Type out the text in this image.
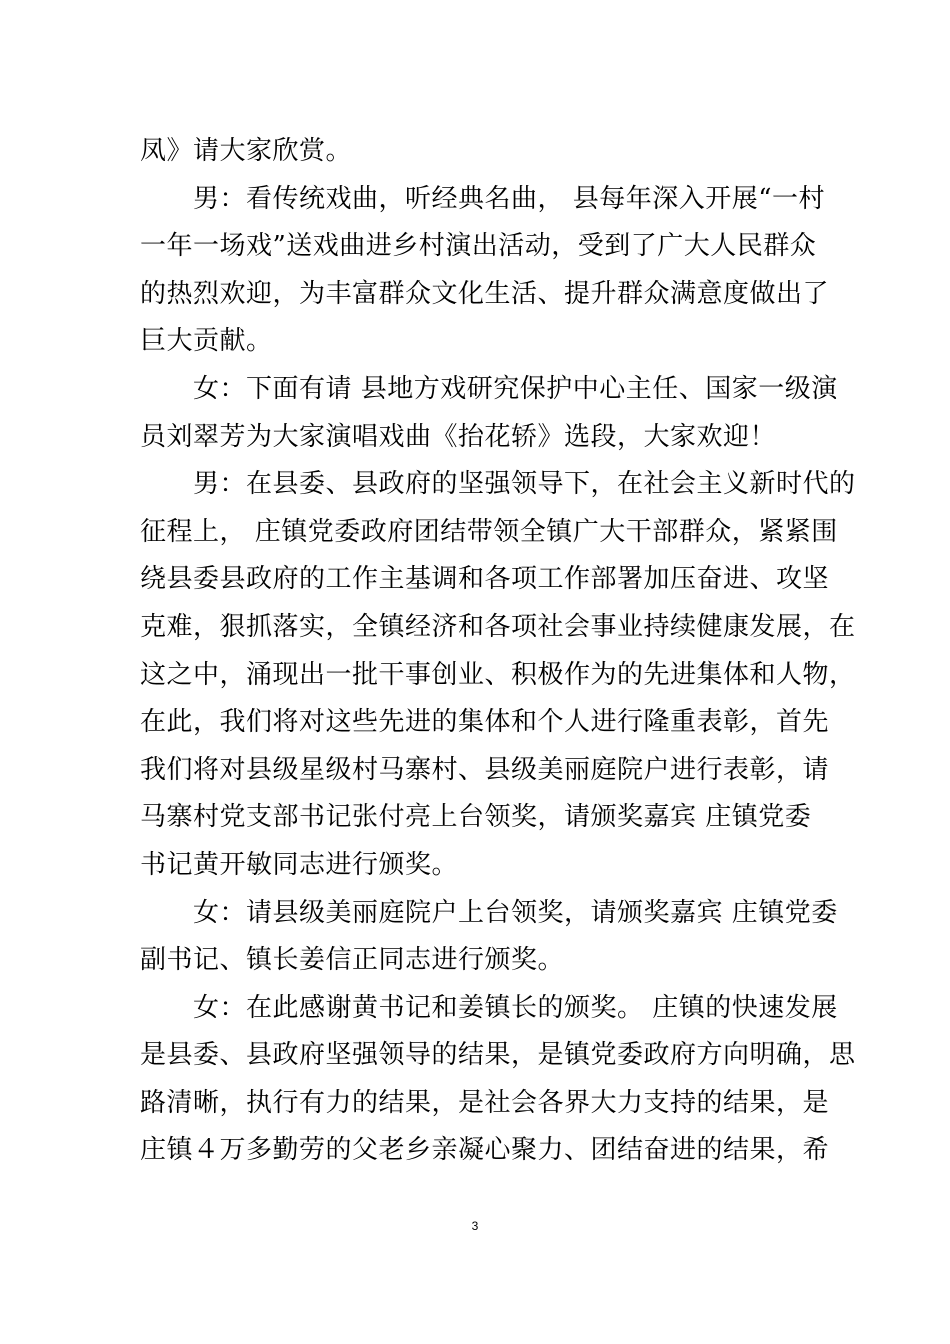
凤》请大家欣赏。
　　男：看传统戏曲，听经典名曲， 县每年深入开展“一村
一年一场戏”送戏曲进乡村演出活动，受到了广大人民群众
的热烈欢迎，为丰富群众文化生活、提升群众满意度做出了
巨大贡献。
　　女：下面有请 县地方戏研究保护中心主任、国家一级演
员刘翠芳为大家演唱戏曲《抬花轿》选段，大家欢迎！
　　男：在县委、县政府的坚强领导下，在社会主义新时代的
征程上， 庄镇党委政府团结带领全镇广大干部群众，紧紧围
绕县委县政府的工作主基调和各项工作部署加压奋进、攻坚
克难，狠抓落实，全镇经济和各项社会事业持续健康发展，在
这之中，涌现出一批干事创业、积极作为的先进集体和人物，
在此，我们将对这些先进的集体和个人进行隆重表彰，首先
我们将对县级星级村马寨村、县级美丽庭院户进行表彰，请
马寨村党支部书记张付亮上台领奖，请颁奖嘉宾 庄镇党委
书记黄开敏同志进行颁奖。
　　女：请县级美丽庭院户上台领奖，请颁奖嘉宾 庄镇党委
副书记、镇长姜信正同志进行颁奖。
　　女：在此感谢黄书记和姜镇长的颁奖。 庄镇的快速发展
是县委、县政府坚强领导的结果，是镇党委政府方向明确，思
路清晰，执行有力的结果，是社会各界大力支持的结果，是
庄镇４万多勤劳的父老乡亲凝心聚力、团结奋进的结果，希
3
